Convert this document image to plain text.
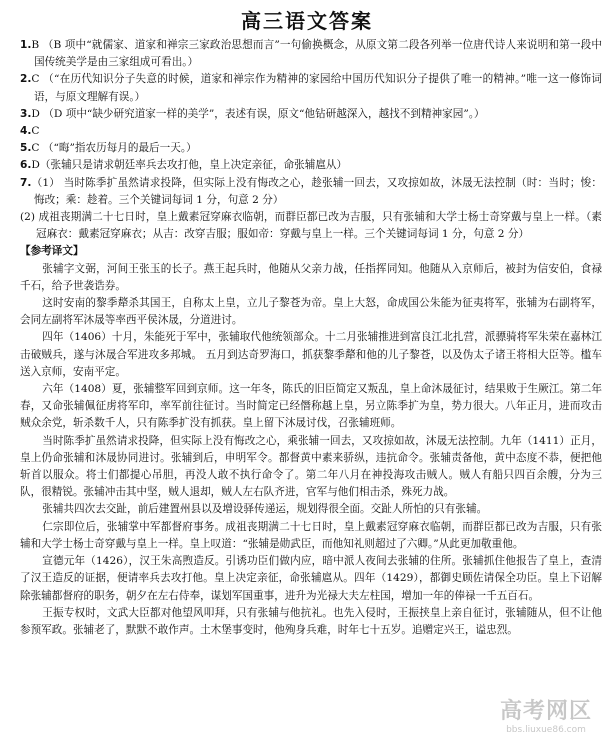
高三语文答案

1.B （B 项中“就儒家、道家和禅宗三家政治思想而言”一句偷换概念，从原文第二段各列举一位唐代诗人来说明和第一段中国传统美学是由三家组成可看出。）

2.C （“在历代知识分子失意的时候，道家和禅宗作为精神的家园给中国历代知识分子提供了唯一的精神。”唯一这一修饰词语，与原文理解有误。）

3.D （D 项中“缺少研究道家一样的美学”，表述有误，原文“他钻研越深入，越找不到精神家园”。）

4.C

5.C （“晦”指农历每月的最后一天。）

6.D（张辅只是请求朝廷率兵去攻打他，皇上决定亲征，命张辅扈从）

7.（1） 当时陈季扩虽然请求投降，但实际上没有悔改之心，趁张辅一回去，又攻掠如故，沐晟无法控制（时：当时；悛：悔改；乘：趁着。三个关键词每词 1 分，句意 2 分）

(2) 成祖丧期满二十七日时，皇上戴素冠穿麻衣临朝，而群臣都已改为吉服，只有张辅和大学士杨士奇穿戴与皇上一样。（素冠麻衣：戴素冠穿麻衣；从吉：改穿吉服；服如帝：穿戴与皇上一样。三个关键词每词 1 分，句意 2 分）

【参考译文】

张辅字文弼，河间王张玉的长子。燕王起兵时，他随从父亲力战，任指挥同知。他随从入京师后，被封为信安伯，食禄千石，给予世袭诰券。

这时安南的黎季犛杀其国王，自称太上皇，立儿子黎苍为帝。皇上大怒，命成国公朱能为征夷将军，张辅为右副将军，会同左副将军沐晟等率西平侯沐晟，分道进讨。

四年（1406）十月，朱能死于军中，张辅取代他统领部众。十二月张辅推进到富良江北扎营，派骠骑将军朱荣在嘉林江击破贼兵，遂与沐晟合军进攻多邦城。 五月到达奇罗海口，抓获黎季犛和他的儿子黎苍，以及伪太子诸王将相大臣等。槛车送入京师，安南平定。

六年（1408）夏，张辅整军回到京师。这一年冬，陈氏的旧臣简定又叛乱，皇上命沐晟征讨，结果败于生厥江。第二年春，又命张辅佩征虏将军印，率军前往征讨。当时简定已经僭称越上皇，另立陈季扩为皇，势力很大。八年正月，进而攻击贼众余党，斩杀数千人，只有陈季扩没有抓获。皇上留下沐晟讨伐，召张辅班师。

当时陈季扩虽然请求投降，但实际上没有悔改之心，乘张辅一回去，又攻掠如故，沐晟无法控制。九年（1411）正月，皇上仍命张辅和沐晟协同进讨。张辅到后，申明军令。都督黄中素来骄纵，违抗命令。张辅责备他，黄中态度不恭，便把他斩首以服众。将士们都提心吊胆，再没人敢不执行命令了。第二年八月在神投海攻击贼人。贼人有船只四百余艘，分为三队，很精锐。张辅冲击其中坚，贼人退却，贼人左右队齐进，官军与他们相击杀，殊死力战。

张辅共四次去交趾，前后建置州县以及增设驿传递运，规划得很全面。交趾人所怕的只有张辅。

仁宗即位后，张辅掌中军都督府事务。成祖丧期满二十七日时，皇上戴素冠穿麻衣临朝，而群臣都已改为吉服，只有张辅和大学士杨士奇穿戴与皇上一样。皇上叹道：“张辅是勋武臣，而他知礼则超过了六卿。”从此更加敬重他。

宣德元年（1426），汉王朱高煦造反。引诱功臣们做内应，暗中派人夜间去张辅的住所。张辅抓住他报告了皇上，查清了汉王造反的证据，便请率兵去攻打他。皇上决定亲征，命张辅扈从。四年（1429），都御史顾佐请保全功臣。皇上下诏解除张辅都督府的职务，朝夕在左右侍奉，谋划军国重事，进升为光禄大夫左柱国，增加一年的俸禄一千五百石。

王振专权时，文武大臣都对他望风叩拜，只有张辅与他抗礼。也先入侵时，王振挟皇上亲自征讨，张辅随从，但不让他参预军政。张辅老了，默默不敢作声。土木堡事变时，他殉身兵难，时年七十五岁。追赠定兴王，谥忠烈。

高考网区
bbs.liuxue86.com
